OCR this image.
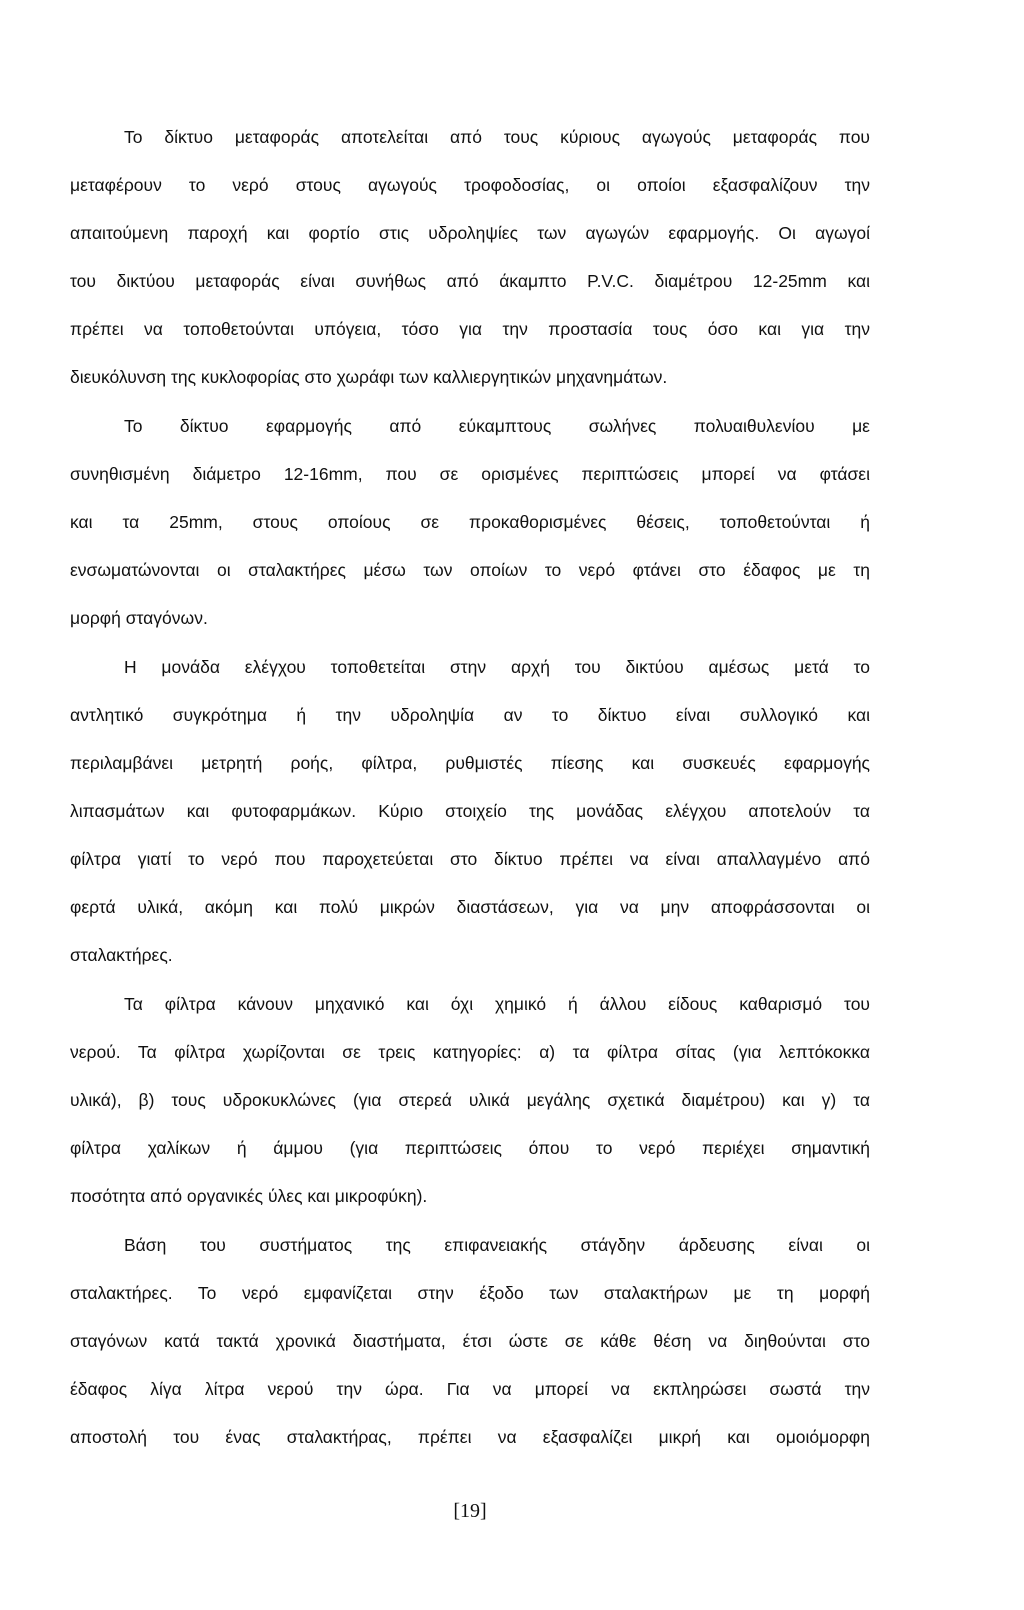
Το δίκτυο μεταφοράς αποτελείται από τους κύριους αγωγούς μεταφοράς που
μεταφέρουν το νερό στους αγωγούς τροφοδοσίας, οι οποίοι εξασφαλίζουν την
απαιτούμενη παροχή και φορτίο στις υδροληψίες των αγωγών εφαρμογής. Οι αγωγοί
του δικτύου μεταφοράς είναι συνήθως από άκαμπτο P.V.C. διαμέτρου 12-25mm και
πρέπει να τοποθετούνται υπόγεια, τόσο για την προστασία τους όσο και για την
διευκόλυνση της κυκλοφορίας στο χωράφι των καλλιεργητικών μηχανημάτων.
Το δίκτυο εφαρμογής από εύκαμπτους σωλήνες πολυαιθυλενίου με
συνηθισμένη διάμετρο 12-16mm, που σε ορισμένες περιπτώσεις μπορεί να φτάσει
και τα 25mm, στους οποίους σε προκαθορισμένες θέσεις, τοποθετούνται ή
ενσωματώνονται οι σταλακτήρες μέσω των οποίων το νερό φτάνει στο έδαφος με τη
μορφή σταγόνων.
Η μονάδα ελέγχου τοποθετείται στην αρχή του δικτύου αμέσως μετά το
αντλητικό συγκρότημα ή την υδροληψία αν το δίκτυο είναι συλλογικό και
περιλαμβάνει μετρητή ροής, φίλτρα, ρυθμιστές πίεσης και συσκευές εφαρμογής
λιπασμάτων και φυτοφαρμάκων. Κύριο στοιχείο της μονάδας ελέγχου αποτελούν τα
φίλτρα γιατί το νερό που παροχετεύεται στο δίκτυο πρέπει να είναι απαλλαγμένο από
φερτά υλικά, ακόμη και πολύ μικρών διαστάσεων, για να μην αποφράσσονται οι
σταλακτήρες.
Τα φίλτρα κάνουν μηχανικό και όχι χημικό ή άλλου είδους καθαρισμό του
νερού. Τα φίλτρα χωρίζονται σε τρεις κατηγορίες: α) τα φίλτρα σίτας (για λεπτόκοκκα
υλικά), β) τους υδροκυκλώνες (για στερεά υλικά μεγάλης σχετικά διαμέτρου) και γ) τα
φίλτρα χαλίκων ή άμμου (για περιπτώσεις όπου το νερό περιέχει σημαντική
ποσότητα από οργανικές ύλες και μικροφύκη).
Βάση του συστήματος της επιφανειακής στάγδην άρδευσης είναι οι
σταλακτήρες. Το νερό εμφανίζεται στην έξοδο των σταλακτήρων με τη μορφή
σταγόνων κατά τακτά χρονικά διαστήματα, έτσι ώστε σε κάθε θέση να διηθούνται στο
έδαφος λίγα λίτρα νερού την ώρα. Για να μπορεί να εκπληρώσει σωστά την
αποστολή του ένας σταλακτήρας, πρέπει να εξασφαλίζει μικρή και ομοιόμορφη
[19]
